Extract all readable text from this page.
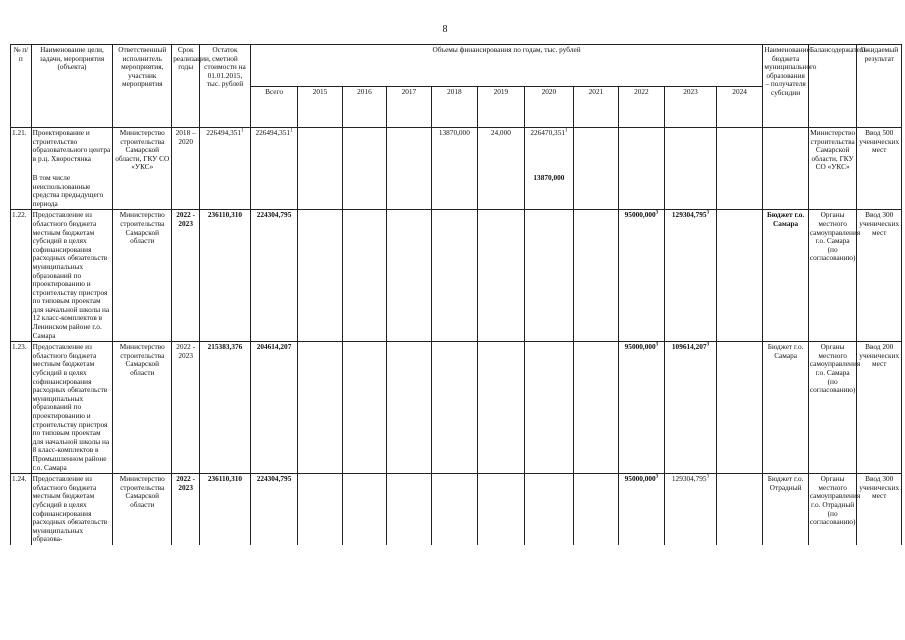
8
№ п/п	Наименование цели, задачи, мероприятия (объекта)	Ответственный исполнитель мероприятия, участник мероприятия	Срок реализации, годы	Остаток сметной стоимости на 01.01.2015, тыс. рублей	Объемы финансирования по годам, тыс. рублей											Наименование бюджета муниципального образования – получателя субсидии	Балансодержатель	Ожидаемый результат
					Всего	2015	2016	2017	2018	2019	2020	2021	2022	2023	2024			
1.21.	Проектирование и строительство образовательного центра в р.ц. Хворостянка	Министерство строительства Самарской области, ГКУ СО «УКС»	2018 – 2020	226494,351$^1$	226494,351$^1$				13870,000	24,000	226470,351$^1$						Министерство строительства Самарской области, ГКУ СО «УКС»	Ввод 500 ученических мест
	В том числе неиспользованные средства предыдущего периода										13870,000							
1.22.	Предоставление из областного бюджета местным бюджетам субсидий в целях софинансирования расходных обязательств муниципальных образований по проектированию и строительству пристроя по типовым проектам для начальной школы на 12 класс-комплектов в Ленинском районе г.о. Самара	Министерство строительства Самарской области	2022 - 2023	236110,310	224304,795								95000,000$^3$	129304,795$^3$		Бюджет г.о. Самара	Органы местного самоуправления г.о. Самара (по согласованию)	Ввод 300 ученических мест
1.23.	Предоставление из областного бюджета местным бюджетам субсидий в целях софинансирования расходных обязательств муниципальных образований по проектированию и строительству пристроя по типовым проектам для начальной школы на 8 класс-комплектов в Промышленном районе г.о. Самара	Министерство строительства Самарской области	2022 - 2023	215383,376	204614,207								95000,000$^3$	109614,207$^3$		Бюджет г.о. Самара	Органы местного самоуправления г.о. Самара (по согласованию)	Ввод 200 ученических мест
1.24.	Предоставление из областного бюджета местным бюджетам субсидий в целях софинансирования расходных обязательств муниципальных образова-	Министерство строительства Самарской области	2022 - 2023	236110,310	224304,795								95000,000$^3$	129304,795$^3$		Бюджет г.о. Отрадный	Органы местного самоуправления г.о. Отрадный (по согласованию)	Ввод 300 ученических мест
